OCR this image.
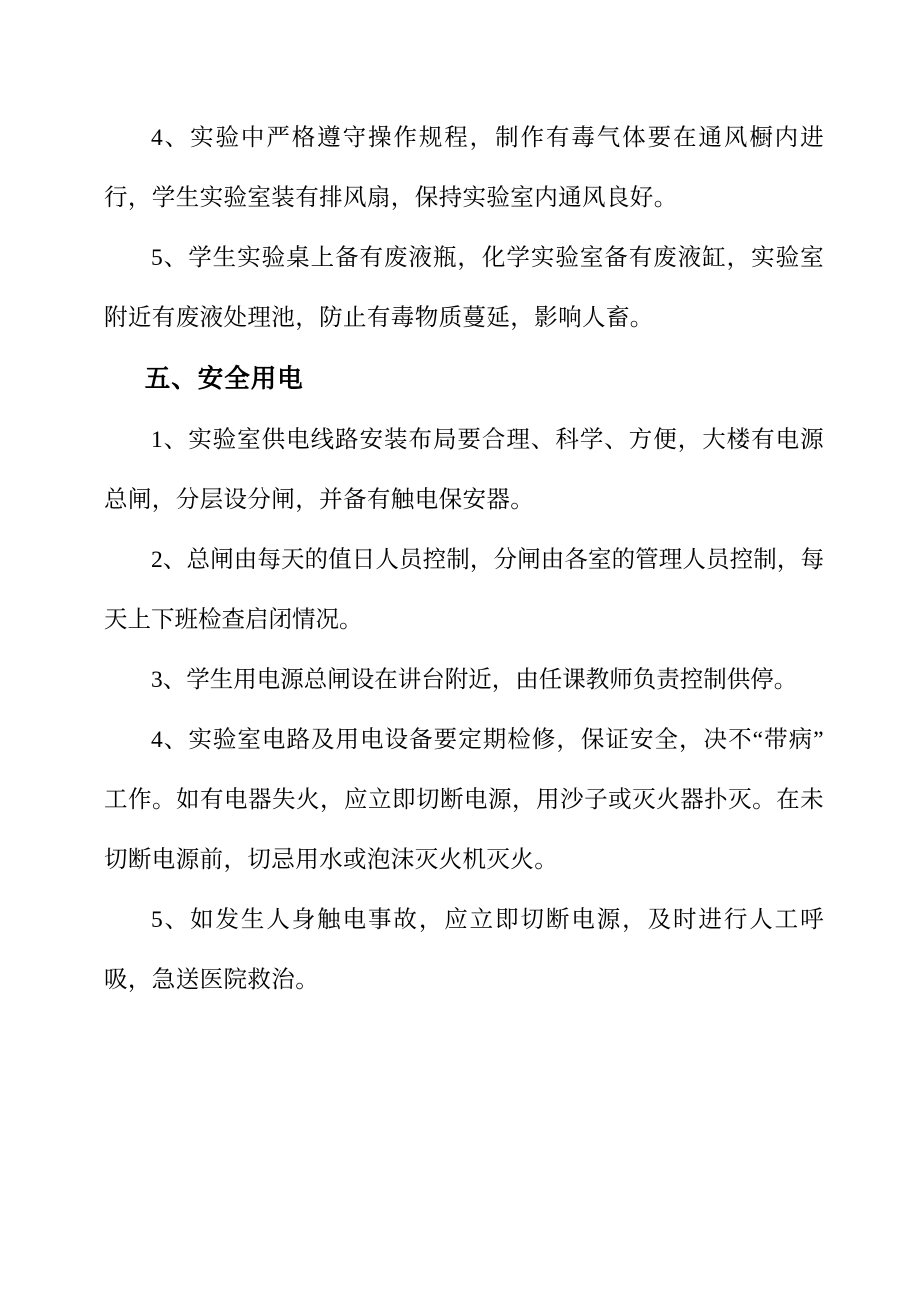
4、实验中严格遵守操作规程，制作有毒气体要在通风橱内进行，学生实验室装有排风扇，保持实验室内通风良好。

5、学生实验桌上备有废液瓶，化学实验室备有废液缸，实验室附近有废液处理池，防止有毒物质蔓延，影响人畜。

五、安全用电

1、实验室供电线路安装布局要合理、科学、方便，大楼有电源总闸，分层设分闸，并备有触电保安器。

2、总闸由每天的值日人员控制，分闸由各室的管理人员控制，每天上下班检查启闭情况。

3、学生用电源总闸设在讲台附近，由任课教师负责控制供停。

4、实验室电路及用电设备要定期检修，保证安全，决不“带病”工作。如有电器失火，应立即切断电源，用沙子或灭火器扑灭。在未切断电源前，切忌用水或泡沫灭火机灭火。

5、如发生人身触电事故，应立即切断电源，及时进行人工呼吸，急送医院救治。
